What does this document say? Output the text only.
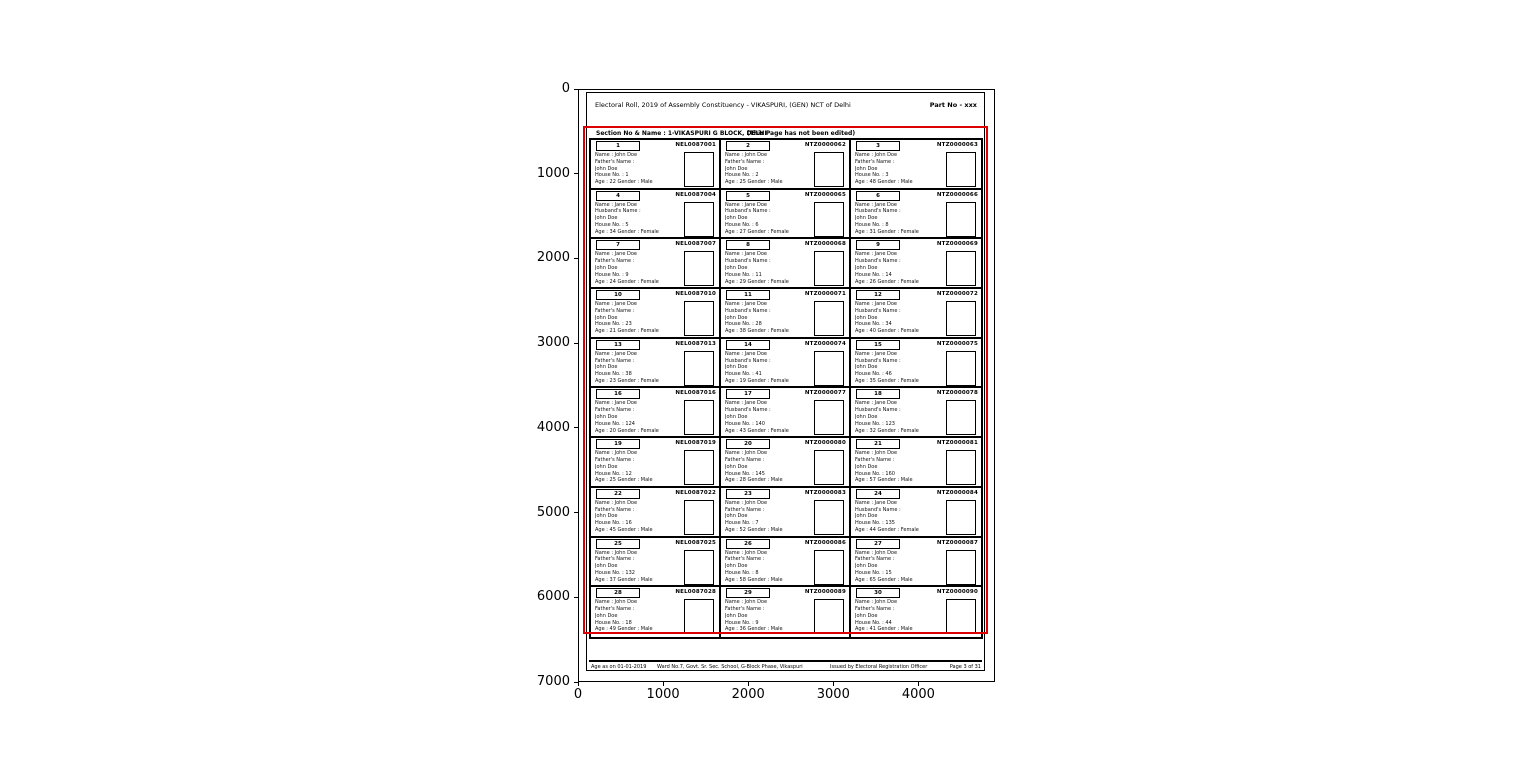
Electoral Roll, 2019 of Assembly Constituency - VIKASPURI, (GEN) NCT of Delhi	Part No - xxx
Section No & Name : 1-VIKASPURI G BLOCK, DELHI
(This Page has not been edited)
1	NEL0087001
Name : John Doe
Father's Name :
John Doe
House No. : 1
Age : 22 Gender : Male
2	NTZ0000062
Name : John Doe
Father's Name :
John Doe
House No. : 2
Age : 25 Gender : Male
3	NTZ0000063
Name : John Doe
Father's Name :
John Doe
House No. : 3
Age : 48 Gender : Male
4	NEL0087004
Name : Jane Doe
Husband's Name :
John Doe
House No. : 5
Age : 34 Gender : Female
5	NTZ0000065
Name : Jane Doe
Husband's Name :
John Doe
House No. : 6
Age : 27 Gender : Female
6	NTZ0000066
Name : Jane Doe
Husband's Name :
John Doe
House No. : 8
Age : 31 Gender : Female
7	NEL0087007
Name : Jane Doe
Father's Name :
John Doe
House No. : 9
Age : 24 Gender : Female
8	NTZ0000068
Name : Jane Doe
Husband's Name :
John Doe
House No. : 11
Age : 29 Gender : Female
9	NTZ0000069
Name : Jane Doe
Husband's Name :
John Doe
House No. : 14
Age : 26 Gender : Female
10	NEL0087010
Name : Jane Doe
Father's Name :
John Doe
House No. : 23
Age : 21 Gender : Female
11	NTZ0000071
Name : Jane Doe
Husband's Name :
John Doe
House No. : 28
Age : 38 Gender : Female
12	NTZ0000072
Name : Jane Doe
Husband's Name :
John Doe
House No. : 34
Age : 40 Gender : Female
13	NEL0087013
Name : Jane Doe
Father's Name :
John Doe
House No. : 38
Age : 23 Gender : Female
14	NTZ0000074
Name : Jane Doe
Husband's Name :
John Doe
House No. : 41
Age : 19 Gender : Female
15	NTZ0000075
Name : Jane Doe
Husband's Name :
John Doe
House No. : 46
Age : 35 Gender : Female
16	NEL0087016
Name : Jane Doe
Father's Name :
John Doe
House No. : 124
Age : 20 Gender : Female
17	NTZ0000077
Name : Jane Doe
Husband's Name :
John Doe
House No. : 140
Age : 43 Gender : Female
18	NTZ0000078
Name : Jane Doe
Husband's Name :
John Doe
House No. : 123
Age : 32 Gender : Female
19	NEL0087019
Name : John Doe
Father's Name :
John Doe
House No. : 12
Age : 25 Gender : Male
20	NTZ0000080
Name : John Doe
Father's Name :
John Doe
House No. : 145
Age : 28 Gender : Male
21	NTZ0000081
Name : John Doe
Father's Name :
John Doe
House No. : 160
Age : 57 Gender : Male
22	NEL0087022
Name : John Doe
Father's Name :
John Doe
House No. : 16
Age : 45 Gender : Male
23	NTZ0000083
Name : John Doe
Father's Name :
John Doe
House No. : 7
Age : 52 Gender : Male
24	NTZ0000084
Name : Jane Doe
Husband's Name :
John Doe
House No. : 135
Age : 44 Gender : Female
25	NEL0087025
Name : John Doe
Father's Name :
John Doe
House No. : 132
Age : 37 Gender : Male
26	NTZ0000086
Name : John Doe
Father's Name :
John Doe
House No. : 8
Age : 58 Gender : Male
27	NTZ0000087
Name : John Doe
Father's Name :
John Doe
House No. : 15
Age : 65 Gender : Male
28	NEL0087028
Name : John Doe
Father's Name :
John Doe
House No. : 18
Age : 49 Gender : Male
29	NTZ0000089
Name : John Doe
Father's Name :
John Doe
House No. : 9
Age : 36 Gender : Male
30	NTZ0000090
Name : John Doe
Father's Name :
John Doe
House No. : 44
Age : 41 Gender : Male
Age as on 01-01-2019 Ward No.7, Govt. Sr. Sec. School, G-Block Phase, Vikaspuri	Issued by Electoral Registration Officer	Page 3 of 31
0
1000
2000
3000
4000
5000
6000
7000
0	1000	2000	3000	4000
